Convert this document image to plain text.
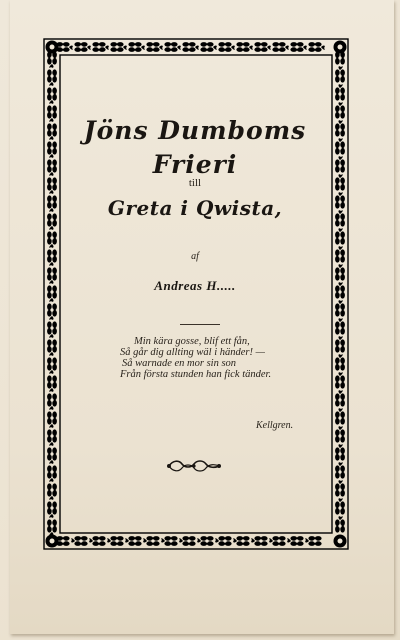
Jöns Dumboms
Frieri
till
Greta i Qwista,
af
Andreas H.....
Min kära gosse, blif ett fån,
Så går dig allting wäl i händer! —
Så warnade en mor sin son
Från första stunden han fick tänder.
Kellgren.
